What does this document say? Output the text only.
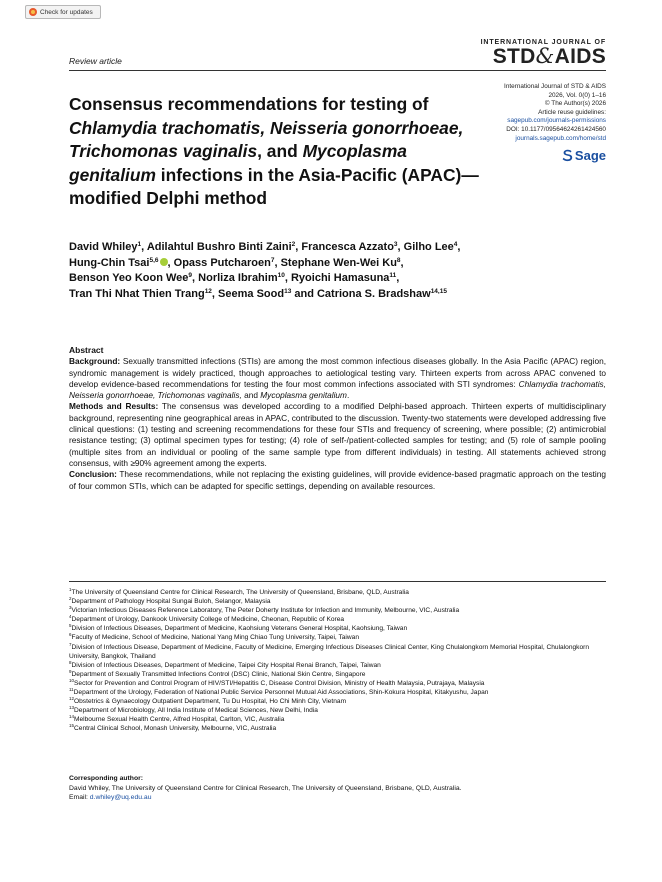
Check for updates
Review article
INTERNATIONAL JOURNAL OF
STD&AIDS
International Journal of STD & AIDS
2026, Vol. 0(0) 1–16
© The Author(s) 2026
Article reuse guidelines:
sagepub.com/journals-permissions
DOI: 10.1177/09564624261424560
journals.sagepub.com/home/std
Sage
Consensus recommendations for testing of Chlamydia trachomatis, Neisseria gonorrhoeae, Trichomonas vaginalis, and Mycoplasma genitalium infections in the Asia-Pacific (APAC)—modified Delphi method
David Whiley$^1$, Adilahtul Bushro Binti Zaini$^2$, Francesca Azzato$^3$, Gilho Lee$^4$,
Hung-Chin Tsai$^{5,6}$ , Opass Putcharoen$^7$, Stephane Wen-Wei Ku$^8$,
Benson Yeo Koon Wee$^9$, Norliza Ibrahim$^{10}$, Ryoichi Hamasuna$^{11}$,
Tran Thi Nhat Thien Trang$^{12}$, Seema Sood$^{13}$ and Catriona S. Bradshaw$^{14,15}$
Abstract

Background: Sexually transmitted infections (STIs) are among the most common infectious diseases globally. In the Asia Pacific (APAC) region, syndromic management is widely practiced, though approaches to aetiological testing vary. Thirteen experts from across APAC convened to develop evidence-based recommendations for testing the four most common infections associated with STI syndromes: Chlamydia trachomatis, Neisseria gonorrhoeae, Trichomonas vaginalis, and Mycoplasma genitalium.

Methods and Results: The consensus was developed according to a modified Delphi-based approach. Thirteen experts of multidisciplinary background, representing nine geographical areas in APAC, contributed to the discussion. Twenty-two statements were developed addressing five clinical questions: (1) testing and screening recommendations for these four STIs and frequency of screening, where possible; (2) antimicrobial resistance testing; (3) optimal specimen types for testing; (4) role of self-/patient-collected samples for testing; and (5) role of sample pooling (multiple sites from an individual or pooling of the same sample type from different individuals) in testing. All statements achieved strong consensus, with ≥90% agreement among the experts.

Conclusion: These recommendations, while not replacing the existing guidelines, will provide evidence-based pragmatic approach on the testing of four common STIs, which can be adapted for specific settings, depending on available resources.

$^1$The University of Queensland Centre for Clinical Research, The University of Queensland, Brisbane, QLD, Australia
$^2$Department of Pathology Hospital Sungai Buloh, Selangor, Malaysia
$^3$Victorian Infectious Diseases Reference Laboratory, The Peter Doherty Institute for Infection and Immunity, Melbourne, VIC, Australia
$^4$Department of Urology, Dankook University College of Medicine, Cheonan, Republic of Korea
$^5$Division of Infectious Diseases, Department of Medicine, Kaohsiung Veterans General Hospital, Kaohsiung, Taiwan
$^6$Faculty of Medicine, School of Medicine, National Yang Ming Chiao Tung University, Taipei, Taiwan
$^7$Division of Infectious Disease, Department of Medicine, Faculty of Medicine, Emerging Infectious Diseases Clinical Center, King Chulalongkorn Memorial Hospital, Chulalongkorn University, Bangkok, Thailand
$^8$Division of Infectious Diseases, Department of Medicine, Taipei City Hospital Renai Branch, Taipei, Taiwan
$^9$Department of Sexually Transmitted Infections Control (DSC) Clinic, National Skin Centre, Singapore
$^{10}$Sector for Prevention and Control Program of HIV/STI/Hepatitis C, Disease Control Division, Ministry of Health Malaysia, Putrajaya, Malaysia
$^{11}$Department of the Urology, Federation of National Public Service Personnel Mutual Aid Associations, Shin-Kokura Hospital, Kitakyushu, Japan
$^{12}$Obstetrics & Gynaecology Outpatient Department, Tu Du Hospital, Ho Chi Minh City, Vietnam
$^{13}$Department of Microbiology, All India Institute of Medical Sciences, New Delhi, India
$^{14}$Melbourne Sexual Health Centre, Alfred Hospital, Carlton, VIC, Australia
$^{15}$Central Clinical School, Monash University, Melbourne, VIC, Australia
Corresponding author:
David Whiley, The University of Queensland Centre for Clinical Research, The University of Queensland, Brisbane, QLD, Australia.
Email: d.whiley@uq.edu.au
